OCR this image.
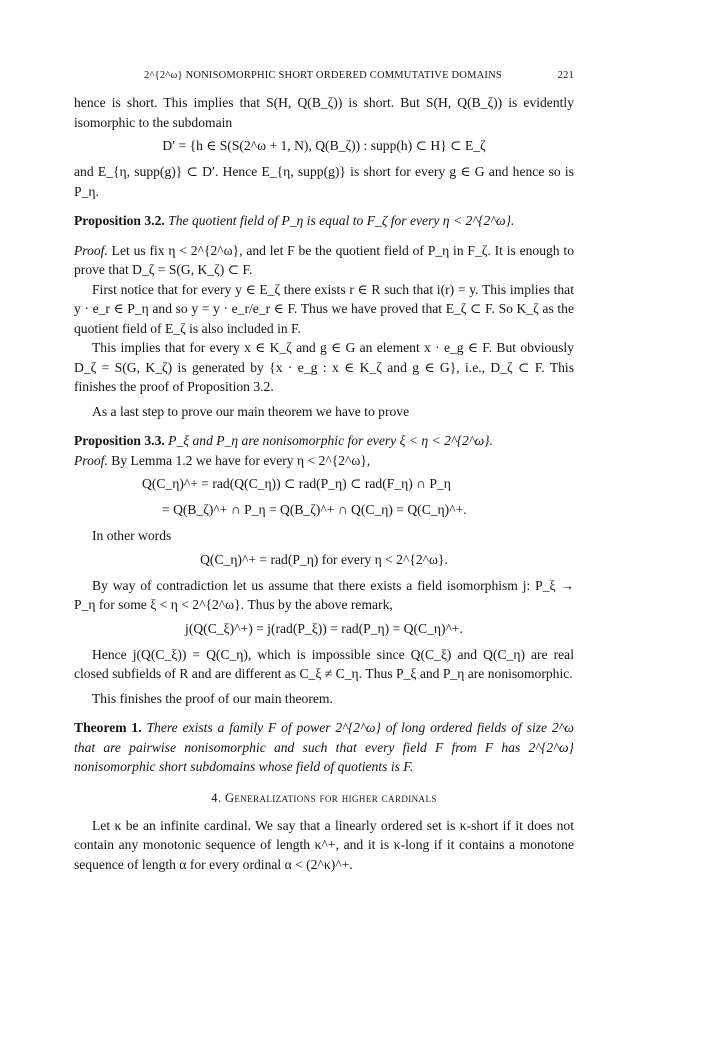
2^{2^ω} NONISOMORPHIC SHORT ORDERED COMMUTATIVE DOMAINS	221

hence is short. This implies that S(H, Q(B_ζ)) is short. But S(H, Q(B_ζ)) is evidently isomorphic to the subdomain

D′ = {h ∈ S(S(2^ω + 1, N), Q(B_ζ)) : supp(h) ⊂ H} ⊂ E_ζ

and E_{η, supp(g)} ⊂ D′. Hence E_{η, supp(g)} is short for every g ∈ G and hence so is P_η.

Proposition 3.2. The quotient field of P_η is equal to F_ζ for every η < 2^{2^ω}.

Proof. Let us fix η < 2^{2^ω}, and let F be the quotient field of P_η in F_ζ. It is enough to prove that D_ζ = S(G, K_ζ) ⊂ F.

First notice that for every y ∈ E_ζ there exists r ∈ R such that i(r) = y. This implies that y · e_r ∈ P_η and so y = y · e_r/e_r ∈ F. Thus we have proved that E_ζ ⊂ F. So K_ζ as the quotient field of E_ζ is also included in F.

This implies that for every x ∈ K_ζ and g ∈ G an element x · e_g ∈ F. But obviously D_ζ = S(G, K_ζ) is generated by {x · e_g : x ∈ K_ζ and g ∈ G}, i.e., D_ζ ⊂ F. This finishes the proof of Proposition 3.2.

As a last step to prove our main theorem we have to prove

Proposition 3.3. P_ξ and P_η are nonisomorphic for every ξ < η < 2^{2^ω}.

Proof. By Lemma 1.2 we have for every η < 2^{2^ω},

Q(C_η)^+ = rad(Q(C_η)) ⊂ rad(P_η) ⊂ rad(F_η) ∩ P_η
= Q(B_ζ)^+ ∩ P_η = Q(B_ζ)^+ ∩ Q(C_η) = Q(C_η)^+.

In other words

Q(C_η)^+ = rad(P_η) for every η < 2^{2^ω}.

By way of contradiction let us assume that there exists a field isomorphism j: P_ξ → P_η for some ξ < η < 2^{2^ω}. Thus by the above remark,

j(Q(C_ξ)^+) = j(rad(P_ξ)) = rad(P_η) = Q(C_η)^+.

Hence j(Q(C_ξ)) = Q(C_η), which is impossible since Q(C_ξ) and Q(C_η) are real closed subfields of R and are different as C_ξ ≠ C_η. Thus P_ξ and P_η are nonisomorphic.

This finishes the proof of our main theorem.

Theorem 1. There exists a family F of power 2^{2^ω} of long ordered fields of size 2^ω that are pairwise nonisomorphic and such that every field F from F has 2^{2^ω} nonisomorphic short subdomains whose field of quotients is F.

4. Generalizations for higher cardinals

Let κ be an infinite cardinal. We say that a linearly ordered set is κ-short if it does not contain any monotonic sequence of length κ^+, and it is κ-long if it contains a monotone sequence of length α for every ordinal α < (2^κ)^+.
